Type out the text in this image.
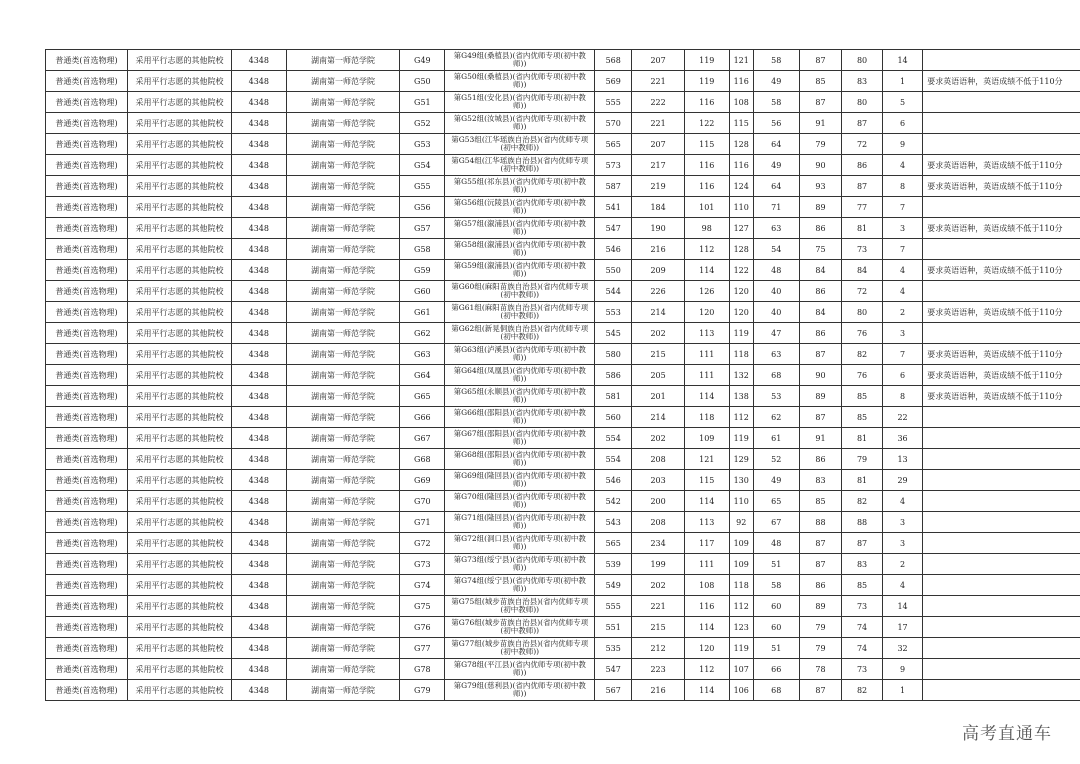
普通类(首选物理)	采用平行志愿的其他院校	4348	湖南第一师范学院	G49	第G49组(桑植县)(省内优师专项(初中教师))	568	207	119	121	58	87	80	14	
普通类(首选物理)	采用平行志愿的其他院校	4348	湖南第一师范学院	G50	第G50组(桑植县)(省内优师专项(初中教师))	569	221	119	116	49	85	83	1	要求英语语种，英语成绩不低于110分
普通类(首选物理)	采用平行志愿的其他院校	4348	湖南第一师范学院	G51	第G51组(安化县)(省内优师专项(初中教师))	555	222	116	108	58	87	80	5	
普通类(首选物理)	采用平行志愿的其他院校	4348	湖南第一师范学院	G52	第G52组(汝城县)(省内优师专项(初中教师))	570	221	122	115	56	91	87	6	
普通类(首选物理)	采用平行志愿的其他院校	4348	湖南第一师范学院	G53	第G53组(江华瑶族自治县)(省内优师专项(初中教师))	565	207	115	128	64	79	72	9	
普通类(首选物理)	采用平行志愿的其他院校	4348	湖南第一师范学院	G54	第G54组(江华瑶族自治县)(省内优师专项(初中教师))	573	217	116	116	49	90	86	4	要求英语语种，英语成绩不低于110分
普通类(首选物理)	采用平行志愿的其他院校	4348	湖南第一师范学院	G55	第G55组(祁东县)(省内优师专项(初中教师))	587	219	116	124	64	93	87	8	要求英语语种，英语成绩不低于110分
普通类(首选物理)	采用平行志愿的其他院校	4348	湖南第一师范学院	G56	第G56组(沅陵县)(省内优师专项(初中教师))	541	184	101	110	71	89	77	7	
普通类(首选物理)	采用平行志愿的其他院校	4348	湖南第一师范学院	G57	第G57组(溆浦县)(省内优师专项(初中教师))	547	190	98	127	63	86	81	3	要求英语语种，英语成绩不低于110分
普通类(首选物理)	采用平行志愿的其他院校	4348	湖南第一师范学院	G58	第G58组(溆浦县)(省内优师专项(初中教师))	546	216	112	128	54	75	73	7	
普通类(首选物理)	采用平行志愿的其他院校	4348	湖南第一师范学院	G59	第G59组(溆浦县)(省内优师专项(初中教师))	550	209	114	122	48	84	84	4	要求英语语种，英语成绩不低于110分
普通类(首选物理)	采用平行志愿的其他院校	4348	湖南第一师范学院	G60	第G60组(麻阳苗族自治县)(省内优师专项(初中教师))	544	226	126	120	40	86	72	4	
普通类(首选物理)	采用平行志愿的其他院校	4348	湖南第一师范学院	G61	第G61组(麻阳苗族自治县)(省内优师专项(初中教师))	553	214	120	120	40	84	80	2	要求英语语种，英语成绩不低于110分
普通类(首选物理)	采用平行志愿的其他院校	4348	湖南第一师范学院	G62	第G62组(新晃侗族自治县)(省内优师专项(初中教师))	545	202	113	119	47	86	76	3	
普通类(首选物理)	采用平行志愿的其他院校	4348	湖南第一师范学院	G63	第G63组(泸溪县)(省内优师专项(初中教师))	580	215	111	118	63	87	82	7	要求英语语种，英语成绩不低于110分
普通类(首选物理)	采用平行志愿的其他院校	4348	湖南第一师范学院	G64	第G64组(凤凰县)(省内优师专项(初中教师))	586	205	111	132	68	90	76	6	要求英语语种，英语成绩不低于110分
普通类(首选物理)	采用平行志愿的其他院校	4348	湖南第一师范学院	G65	第G65组(永顺县)(省内优师专项(初中教师))	581	201	114	138	53	89	85	8	要求英语语种，英语成绩不低于110分
普通类(首选物理)	采用平行志愿的其他院校	4348	湖南第一师范学院	G66	第G66组(邵阳县)(省内优师专项(初中教师))	560	214	118	112	62	87	85	22	
普通类(首选物理)	采用平行志愿的其他院校	4348	湖南第一师范学院	G67	第G67组(邵阳县)(省内优师专项(初中教师))	554	202	109	119	61	91	81	36	
普通类(首选物理)	采用平行志愿的其他院校	4348	湖南第一师范学院	G68	第G68组(邵阳县)(省内优师专项(初中教师))	554	208	121	129	52	86	79	13	
普通类(首选物理)	采用平行志愿的其他院校	4348	湖南第一师范学院	G69	第G69组(隆回县)(省内优师专项(初中教师))	546	203	115	130	49	83	81	29	
普通类(首选物理)	采用平行志愿的其他院校	4348	湖南第一师范学院	G70	第G70组(隆回县)(省内优师专项(初中教师))	542	200	114	110	65	85	82	4	
普通类(首选物理)	采用平行志愿的其他院校	4348	湖南第一师范学院	G71	第G71组(隆回县)(省内优师专项(初中教师))	543	208	113	92	67	88	88	3	
普通类(首选物理)	采用平行志愿的其他院校	4348	湖南第一师范学院	G72	第G72组(洞口县)(省内优师专项(初中教师))	565	234	117	109	48	87	87	3	
普通类(首选物理)	采用平行志愿的其他院校	4348	湖南第一师范学院	G73	第G73组(绥宁县)(省内优师专项(初中教师))	539	199	111	109	51	87	83	2	
普通类(首选物理)	采用平行志愿的其他院校	4348	湖南第一师范学院	G74	第G74组(绥宁县)(省内优师专项(初中教师))	549	202	108	118	58	86	85	4	
普通类(首选物理)	采用平行志愿的其他院校	4348	湖南第一师范学院	G75	第G75组(城步苗族自治县)(省内优师专项(初中教师))	555	221	116	112	60	89	73	14	
普通类(首选物理)	采用平行志愿的其他院校	4348	湖南第一师范学院	G76	第G76组(城步苗族自治县)(省内优师专项(初中教师))	551	215	114	123	60	79	74	17	
普通类(首选物理)	采用平行志愿的其他院校	4348	湖南第一师范学院	G77	第G77组(城步苗族自治县)(省内优师专项(初中教师))	535	212	120	119	51	79	74	32	
普通类(首选物理)	采用平行志愿的其他院校	4348	湖南第一师范学院	G78	第G78组(平江县)(省内优师专项(初中教师))	547	223	112	107	66	78	73	9	
普通类(首选物理)	采用平行志愿的其他院校	4348	湖南第一师范学院	G79	第G79组(慈利县)(省内优师专项(初中教师))	567	216	114	106	68	87	82	1	
高考直通车
